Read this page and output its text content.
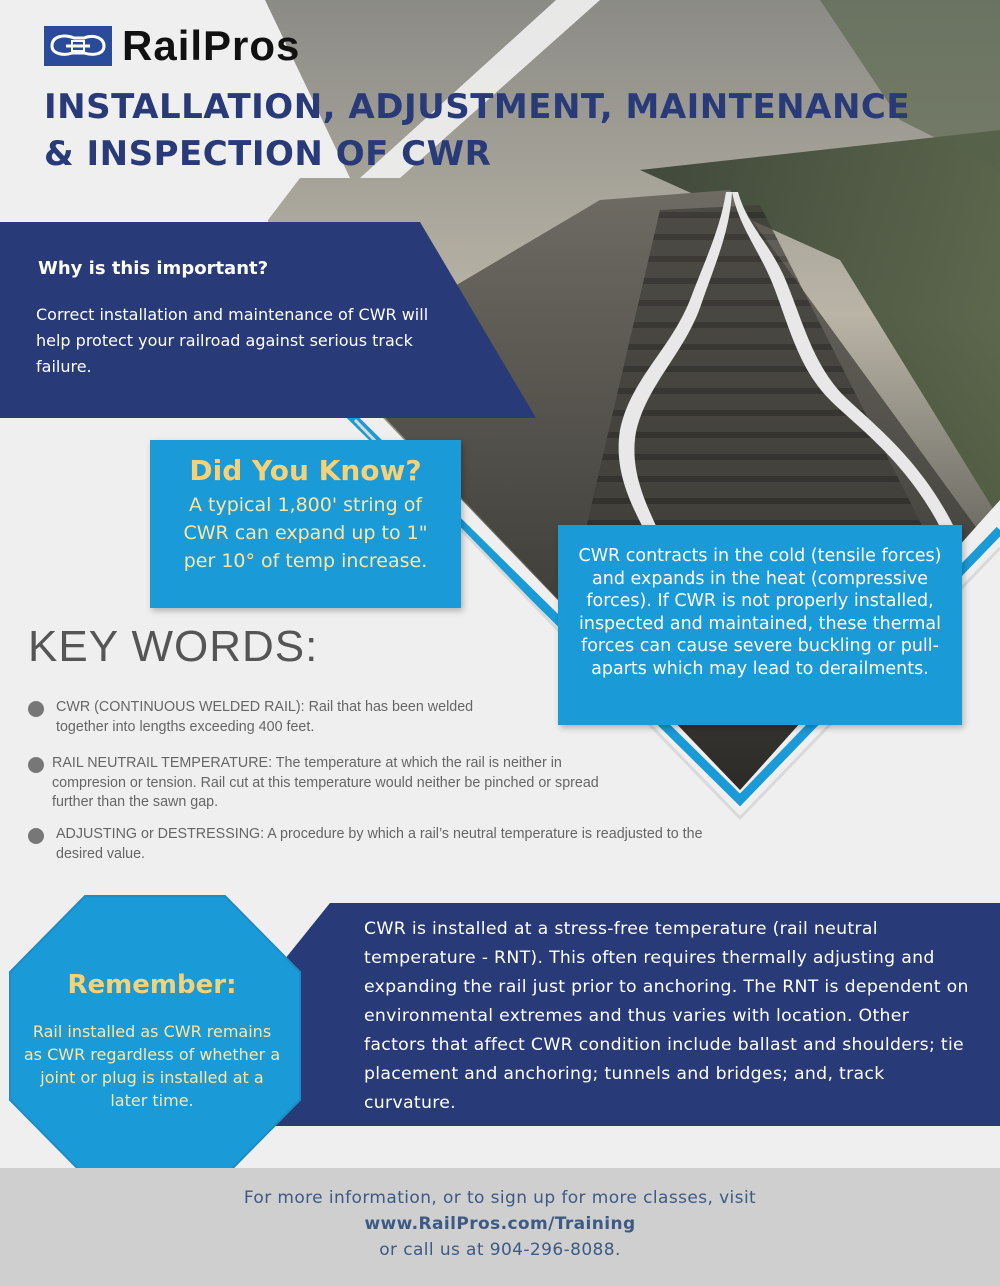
RailPros
INSTALLATION, ADJUSTMENT, MAINTENANCE
& INSPECTION OF CWR
Why is this important?
Correct installation and maintenance of CWR will help protect your railroad against serious track failure.
Did You Know?
A typical 1,800' string of
CWR can expand up to 1"
per 10° of temp increase.	CWR contracts in the cold (tensile forces) and expands in the heat (compressive forces). If CWR is not properly installed, inspected and maintained, these thermal forces can cause severe buckling or pull-aparts which may lead to derailments.
KEY WORDS:
CWR (CONTINUOUS WELDED RAIL): Rail that has been welded together into lengths exceeding 400 feet.
RAIL NEUTRAIL TEMPERATURE: The temperature at which the rail is neither in compresion or tension. Rail cut at this temperature would neither be pinched or spread further than the sawn gap.
ADJUSTING or DESTRESSING: A procedure by which a rail’s neutral temperature is readjusted to the desired value.
Remember:
Rail installed as CWR remains as CWR regardless of whether a joint or plug is installed at a later time.
CWR is installed at a stress-free temperature (rail neutral temperature - RNT). This often requires thermally adjusting and expanding the rail just prior to anchoring. The RNT is dependent on environmental extremes and thus varies with location. Other factors that affect CWR condition include ballast and shoulders; tie placement and anchoring; tunnels and bridges; and, track curvature.
For more information, or to sign up for more classes, visit
www.RailPros.com/Training
or call us at 904-296-8088.
